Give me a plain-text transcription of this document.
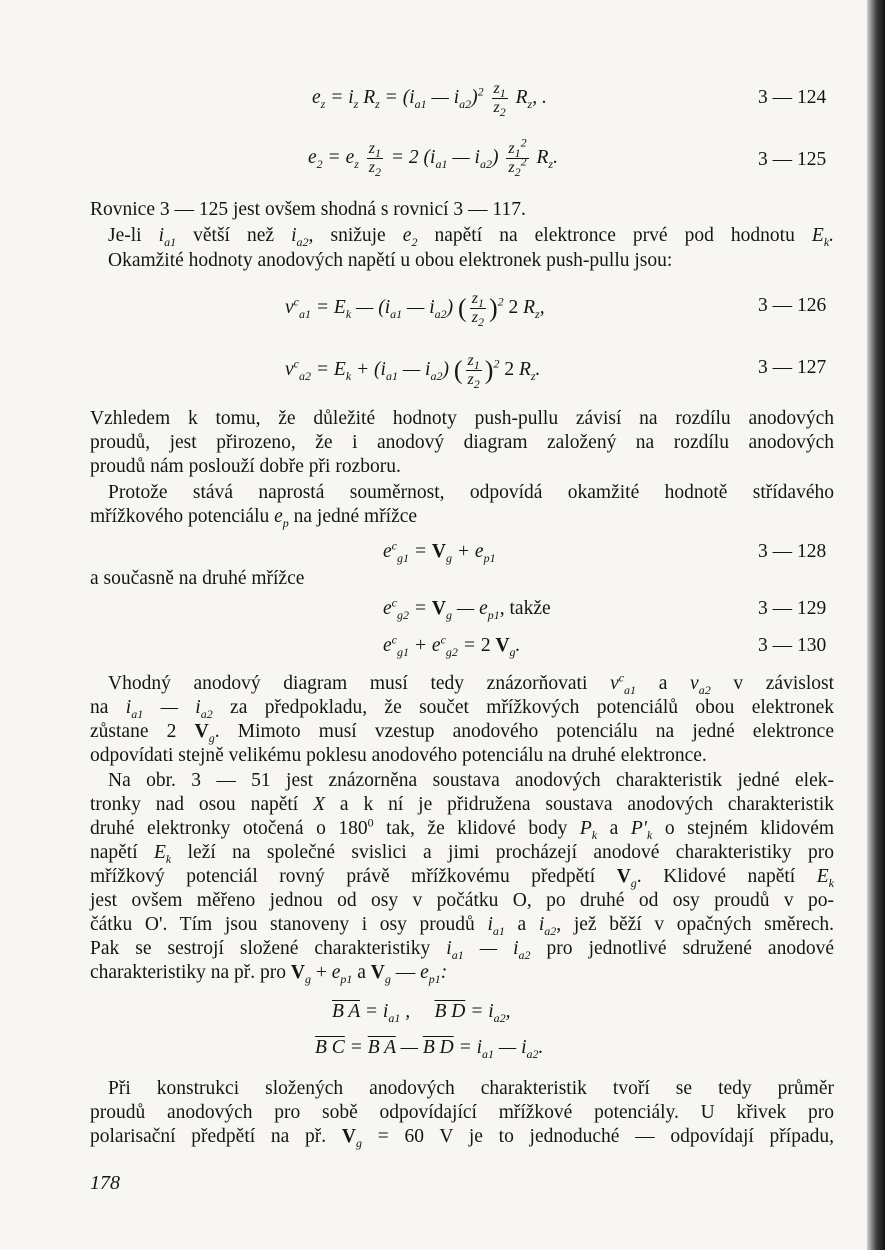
$e_z = i_z$ $R_z = (i_{a1}$ — $i_{a2})^2 \frac{z_1}{z_2} R_z$, .	3 — 124
$e_2 = e_z \frac{z_1}{z_2} = 2$ ($i_{a1}$ — $i_{a2}) \frac{z_1^2}{z_2^2} R_z$.	3 — 125
Rovnice 3 — 125 jest ovšem shodná s rovnicí 3 — 117.
Je-li $i_{a1}$ větší než $i_{a2}$, snižuje $e_2$ napětí na elektronce prvé pod hodnotu $E_k$.
Okamžité hodnoty anodových napětí u obou elektronek push-pullu jsou:
$v^c_{a1} = E_k$ — ($i_{a1}$ — $i_{a2}$) ( $\frac{z_1}{z_2} )^2$ 2 $R_z$,	3 — 126
$v^c_{a2} = E_k + (i_{a1}$ — $i_{a2}$) ( $\frac{z_1}{z_2} )^2$ 2 $R_z$.	3 — 127
Vzhledem k tomu, že důležité hodnoty push-pullu závisí na rozdílu anodových
proudů, jest přirozeno, že i anodový diagram založený na rozdílu anodových
proudů nám poslouží dobře při rozboru.
Protože stává naprostá souměrnost, odpovídá okamžité hodnotě střídavého
mřížkového potenciálu $e_p$ na jedné mřížce
$e^c_{g1} = V_g + e_{p1}$	3 — 128
a současně na druhé mřížce
$e^c_{g2} = V_g$ — $e_{p1}$, takže	3 — 129
$e^c_{g1} + e^c_{g2} = 2$ $V_g$.	3 — 130
Vhodný anodový diagram musí tedy znázorňovati $v^c_{a1}$ a $v_{a2}$ v závislost
na $i_{a1}$ — $i_{a2}$ za předpokladu, že součet mřížkových potenciálů obou elektronek
zůstane 2 $V_g$. Mimoto musí vzestup anodového potenciálu na jedné elektronce
odpovídati stejně velikému poklesu anodového potenciálu na druhé elektronce.
Na obr. 3 — 51 jest znázorněna soustava anodových charakteristik jedné elek-
tronky nad osou napětí X a k ní je přidružena soustava anodových charakteristik
druhé elektronky otočená o $180^0$ tak, že klidové body $P_k$ a $P'_k$ o stejném klidovém
napětí $E_k$ leží na společné svislici a jimi procházejí anodové charakteristiky pro
mřížkový potenciál rovný právě mřížkovému předpětí $V_g$. Klidové napětí $E_k$
jest ovšem měřeno jednou od osy v počátku O, po druhé od osy proudů v po-
čátku O'. Tím jsou stanoveny i osy proudů $i_{a1}$ a $i_{a2}$, jež běží v opačných směrech.
Pak se sestrojí složené charakteristiky $i_{a1}$ — $i_{a2}$ pro jednotlivé sdružené anodové
charakteristiky na př. pro $V_g + e_{p1}$ a $V_g$ — $e_{p1}$:
B $A = i_{a1}$ ,     B $D = i_{a2}$,
B C = B A — B $D = i_{a1}$ — $i_{a2}$.
Při konstrukci složených anodových charakteristik tvoří se tedy průměr
proudů anodových pro sobě odpovídající mřížkové potenciály. U křivek pro
polarisační předpětí na př. $V_g = 60$ V je to jednoduché — odpovídají případu,
178
